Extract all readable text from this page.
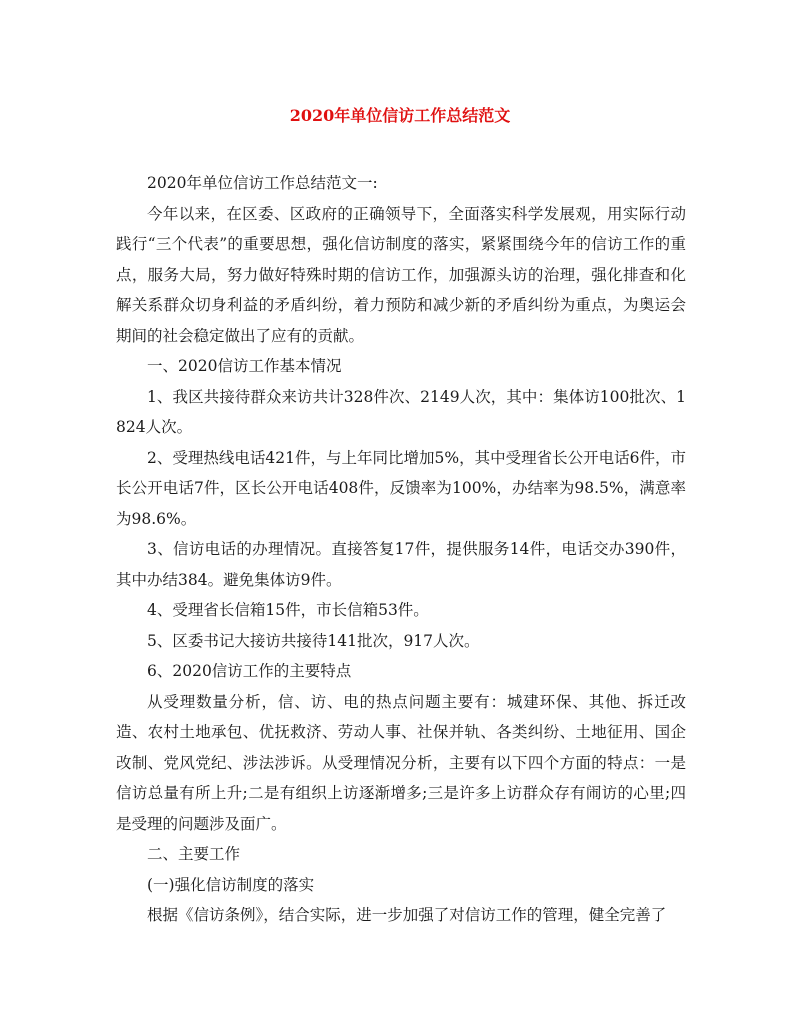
2020年单位信访工作总结范文

2020年单位信访工作总结范文一:

今年以来，在区委、区政府的正确领导下，全面落实科学发展观，用实际行动践行“三个代表”的重要思想，强化信访制度的落实，紧紧围绕今年的信访工作的重点，服务大局，努力做好特殊时期的信访工作，加强源头访的治理，强化排查和化解关系群众切身利益的矛盾纠纷，着力预防和减少新的矛盾纠纷为重点，为奥运会期间的社会稳定做出了应有的贡献。

一、2020信访工作基本情况

1、我区共接待群众来访共计328件次、2149人次，其中：集体访100批次、1824人次。

2、受理热线电话421件，与上年同比增加5%，其中受理省长公开电话6件，市长公开电话7件，区长公开电话408件，反馈率为100%，办结率为98.5%，满意率为98.6%。

3、信访电话的办理情况。直接答复17件，提供服务14件，电话交办390件，其中办结384。避免集体访9件。

4、受理省长信箱15件，市长信箱53件。

5、区委书记大接访共接待141批次，917人次。

6、2020信访工作的主要特点

从受理数量分析，信、访、电的热点问题主要有：城建环保、其他、拆迁改造、农村土地承包、优抚救济、劳动人事、社保并轨、各类纠纷、土地征用、国企改制、党风党纪、涉法涉诉。从受理情况分析，主要有以下四个方面的特点：一是信访总量有所上升;二是有组织上访逐渐增多;三是许多上访群众存有闹访的心里;四是受理的问题涉及面广。

二、主要工作

(一)强化信访制度的落实

根据《信访条例》，结合实际，进一步加强了对信访工作的管理，健全完善了
